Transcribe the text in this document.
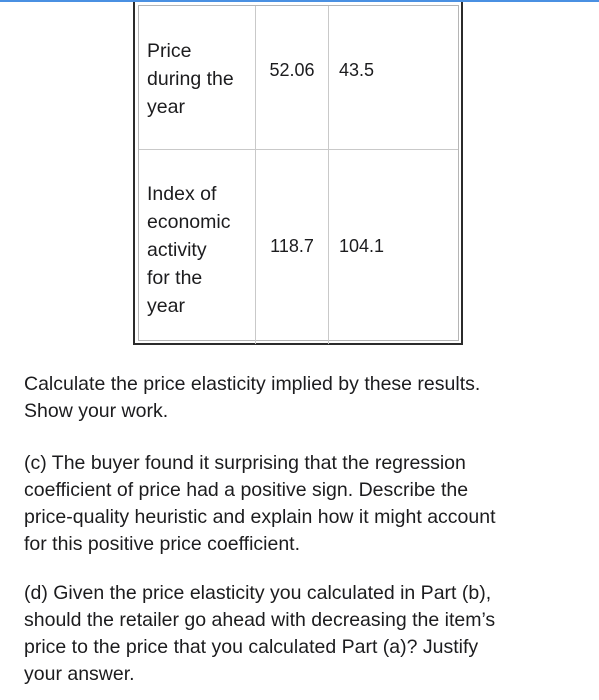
Price
during the
year
52.06 43.5
Index of
economic
activity
for the
year
118.7 104.1
Calculate the price elasticity implied by these results.
Show your work.
(c) The buyer found it surprising that the regression
coefficient of price had a positive sign. Describe the
price-quality heuristic and explain how it might account
for this positive price coefficient.
(d) Given the price elasticity you calculated in Part (b),
should the retailer go ahead with decreasing the item’s
price to the price that you calculated Part (a)? Justify
your answer.
